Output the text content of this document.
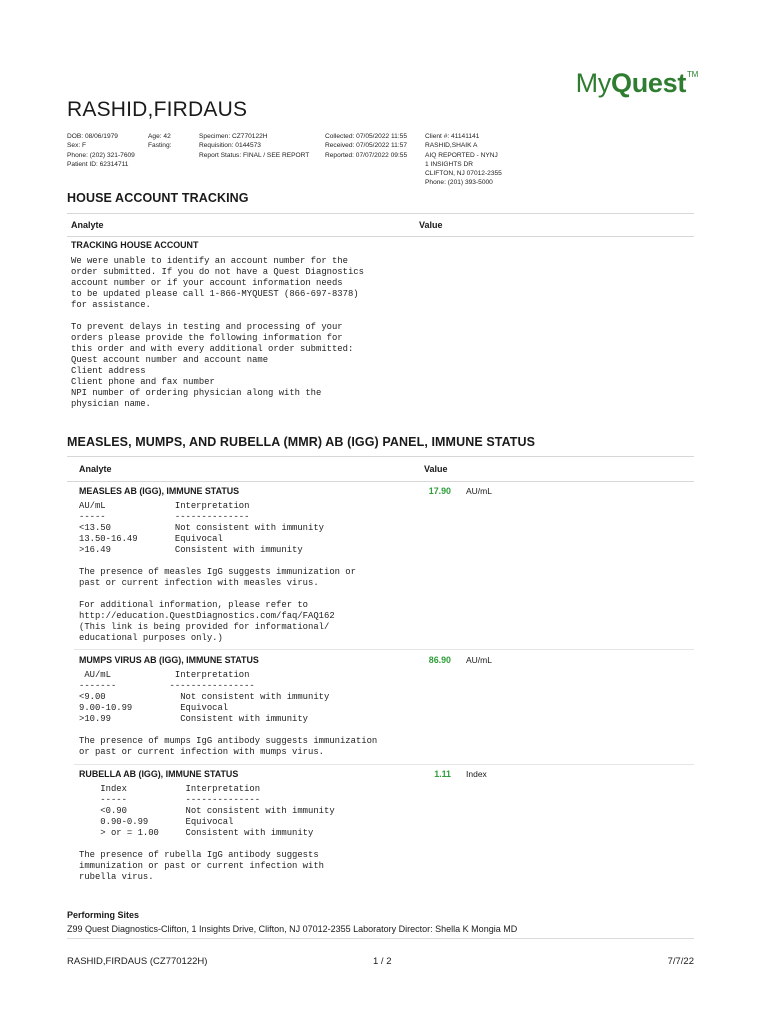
MyQuest™
RASHID,FIRDAUS
DOB: 08/06/1979
Sex: F
Phone: (202) 321-7609
Patient ID: 62314711
Age: 42
Fasting:
Specimen: CZ770122H
Requisition: 0144573
Report Status: FINAL / SEE REPORT
Collected: 07/05/2022 11:55
Received: 07/05/2022 11:57
Reported: 07/07/2022 09:55
Client #: 41141141
RASHID,SHAIK A
AIQ REPORTED - NYNJ
1 INSIGHTS DR
CLIFTON, NJ 07012-2355
Phone: (201) 393-5000
HOUSE ACCOUNT TRACKING
Analyte	Value
TRACKING HOUSE ACCOUNT
We were unable to identify an account number for the
order submitted. If you do not have a Quest Diagnostics
account number or if your account information needs
to be updated please call 1-866-MYQUEST (866-697-8378)
for assistance.

To prevent delays in testing and processing of your
orders please provide the following information for
this order and with every additional order submitted:
Quest account number and account name
Client address
Client phone and fax number
NPI number of ordering physician along with the
physician name.
MEASLES, MUMPS, AND RUBELLA (MMR) AB (IGG) PANEL, IMMUNE STATUS
Analyte	Value
MEASLES AB (IGG), IMMUNE STATUS	17.90 AU/mL
AU/mL             Interpretation
-----             --------------
<13.50            Not consistent with immunity
13.50-16.49       Equivocal
>16.49            Consistent with immunity

The presence of measles IgG suggests immunization or
past or current infection with measles virus.

For additional information, please refer to
http://education.QuestDiagnostics.com/faq/FAQ162
(This link is being provided for informational/
educational purposes only.)
MUMPS VIRUS AB (IGG), IMMUNE STATUS	86.90 AU/mL
AU/mL            Interpretation
-------          ----------------
<9.00              Not consistent with immunity
9.00-10.99         Equivocal
>10.99             Consistent with immunity

The presence of mumps IgG antibody suggests immunization
or past or current infection with mumps virus.
RUBELLA AB (IGG), IMMUNE STATUS	1.11 Index
Index           Interpretation
-----           --------------
<0.90           Not consistent with immunity
0.90-0.99       Equivocal
> or = 1.00     Consistent with immunity

The presence of rubella IgG antibody suggests
immunization or past or current infection with
rubella virus.
Performing Sites
Z99 Quest Diagnostics-Clifton, 1 Insights Drive, Clifton, NJ 07012-2355 Laboratory Director: Shella K Mongia MD
RASHID,FIRDAUS (CZ770122H)	1 / 2	7/7/22
